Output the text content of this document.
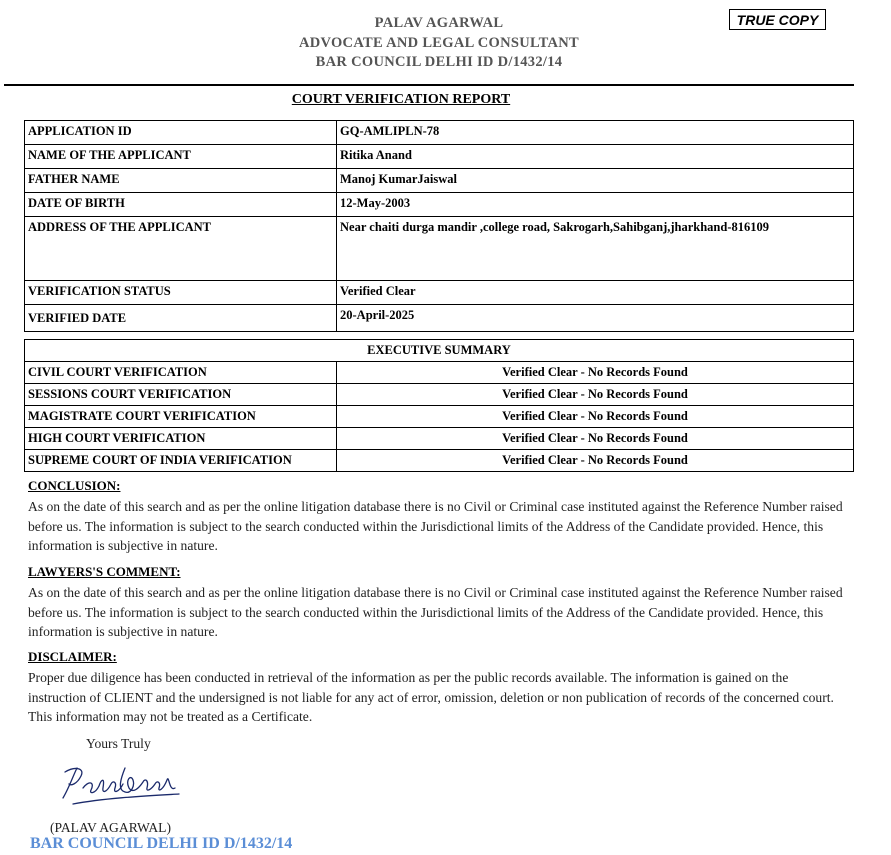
PALAV AGARWAL
ADVOCATE AND LEGAL CONSULTANT
BAR COUNCIL DELHI ID D/1432/14
TRUE COPY
COURT VERIFICATION REPORT
APPLICATION ID	GQ-AMLIPLN-78
NAME OF THE APPLICANT	Ritika Anand
FATHER NAME	Manoj KumarJaiswal
DATE OF BIRTH	12-May-2003
ADDRESS OF THE APPLICANT	Near chaiti durga mandir ,college road, Sakrogarh,Sahibganj,jharkhand-816109
VERIFICATION STATUS	Verified Clear
VERIFIED DATE	20-April-2025
EXECUTIVE SUMMARY	
CIVIL COURT VERIFICATION	Verified Clear - No Records Found
SESSIONS COURT VERIFICATION	Verified Clear - No Records Found
MAGISTRATE COURT VERIFICATION	Verified Clear - No Records Found
HIGH COURT VERIFICATION	Verified Clear - No Records Found
SUPREME COURT OF INDIA VERIFICATION	Verified Clear - No Records Found
CONCLUSION:
As on the date of this search and as per the online litigation database there is no Civil or Criminal case instituted against the Reference Number raised before us. The information is subject to the search conducted within the Jurisdictional limits of the Address of the Candidate provided. Hence, this information is subjective in nature.
LAWYERS'S COMMENT:
As on the date of this search and as per the online litigation database there is no Civil or Criminal case instituted against the Reference Number raised before us. The information is subject to the search conducted within the Jurisdictional limits of the Address of the Candidate provided. Hence, this information is subjective in nature.
DISCLAIMER:
Proper due diligence has been conducted in retrieval of the information as per the public records available. The information is gained on the instruction of CLIENT and the undersigned is not liable for any act of error, omission, deletion or non publication of records of the concerned court. This information may not be treated as a Certificate.
Yours Truly
(PALAV AGARWAL)
BAR COUNCIL DELHI ID D/1432/14
